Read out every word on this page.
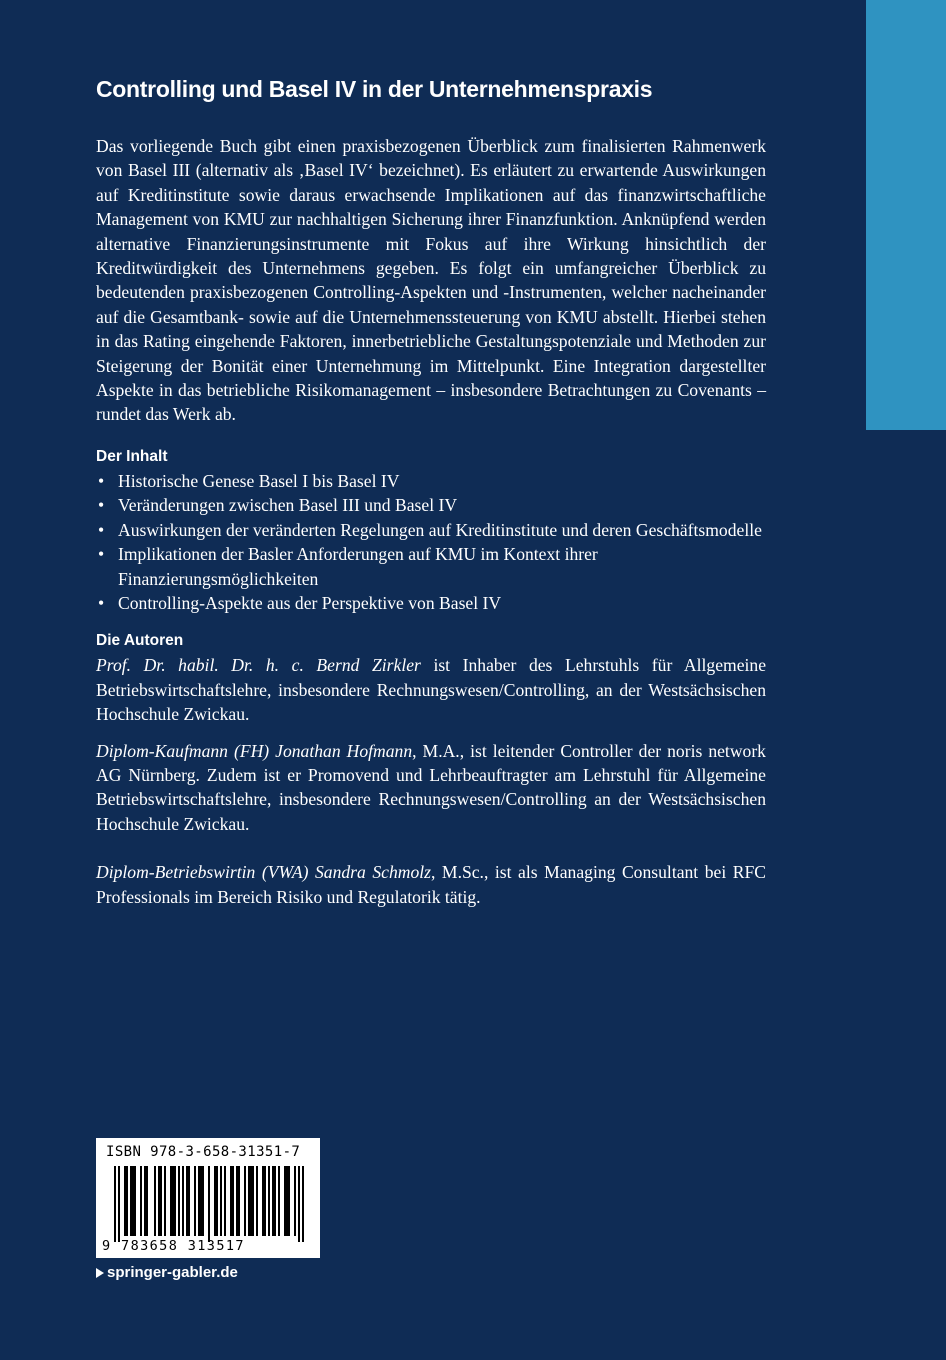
Controlling und Basel IV in der Unternehmenspraxis

Das vorliegende Buch gibt einen praxisbezogenen Überblick zum finalisierten Rahmenwerk von Basel III (alternativ als ‚Basel IV‘ bezeichnet). Es erläutert zu erwartende Auswirkungen auf Kreditinstitute sowie daraus erwachsende Implikationen auf das finanzwirtschaftliche Management von KMU zur nachhaltigen Sicherung ihrer Finanzfunktion. Anknüpfend werden alternative Finanzierungsinstrumente mit Fokus auf ihre Wirkung hinsichtlich der Kreditwürdigkeit des Unternehmens gegeben. Es folgt ein umfangreicher Überblick zu bedeutenden praxisbezogenen Controlling-Aspekten und -Instrumenten, welcher nacheinander auf die Gesamtbank- sowie auf die Unternehmenssteuerung von KMU abstellt. Hierbei stehen in das Rating eingehende Faktoren, innerbetriebliche Gestaltungspotenziale und Methoden zur Steigerung der Bonität einer Unternehmung im Mittelpunkt. Eine Integration dargestellter Aspekte in das betriebliche Risikomanagement – insbesondere Betrachtungen zu Covenants – rundet das Werk ab.

Der Inhalt
• Historische Genese Basel I bis Basel IV
• Veränderungen zwischen Basel III und Basel IV
• Auswirkungen der veränderten Regelungen auf Kreditinstitute und deren Geschäftsmodelle
• Implikationen der Basler Anforderungen auf KMU im Kontext ihrer Finanzierungsmöglichkeiten
• Controlling-Aspekte aus der Perspektive von Basel IV
Die Autoren

Prof. Dr. habil. Dr. h. c. Bernd Zirkler ist Inhaber des Lehrstuhls für Allgemeine Betriebswirtschaftslehre, insbesondere Rechnungswesen/Controlling, an der Westsächsischen Hochschule Zwickau.

Diplom-Kaufmann (FH) Jonathan Hofmann, M.A., ist leitender Controller der noris network AG Nürnberg. Zudem ist er Promovend und Lehrbeauftragter am Lehrstuhl für Allgemeine Betriebswirtschaftslehre, insbesondere Rechnungswesen/Controlling an der Westsächsischen Hochschule Zwickau.

Diplom-Betriebswirtin (VWA) Sandra Schmolz, M.Sc., ist als Managing Consultant bei RFC Professionals im Bereich Risiko und Regulatorik tätig.

ISBN 978-3-658-31351-7
9 783658 313517
springer-gabler.de
